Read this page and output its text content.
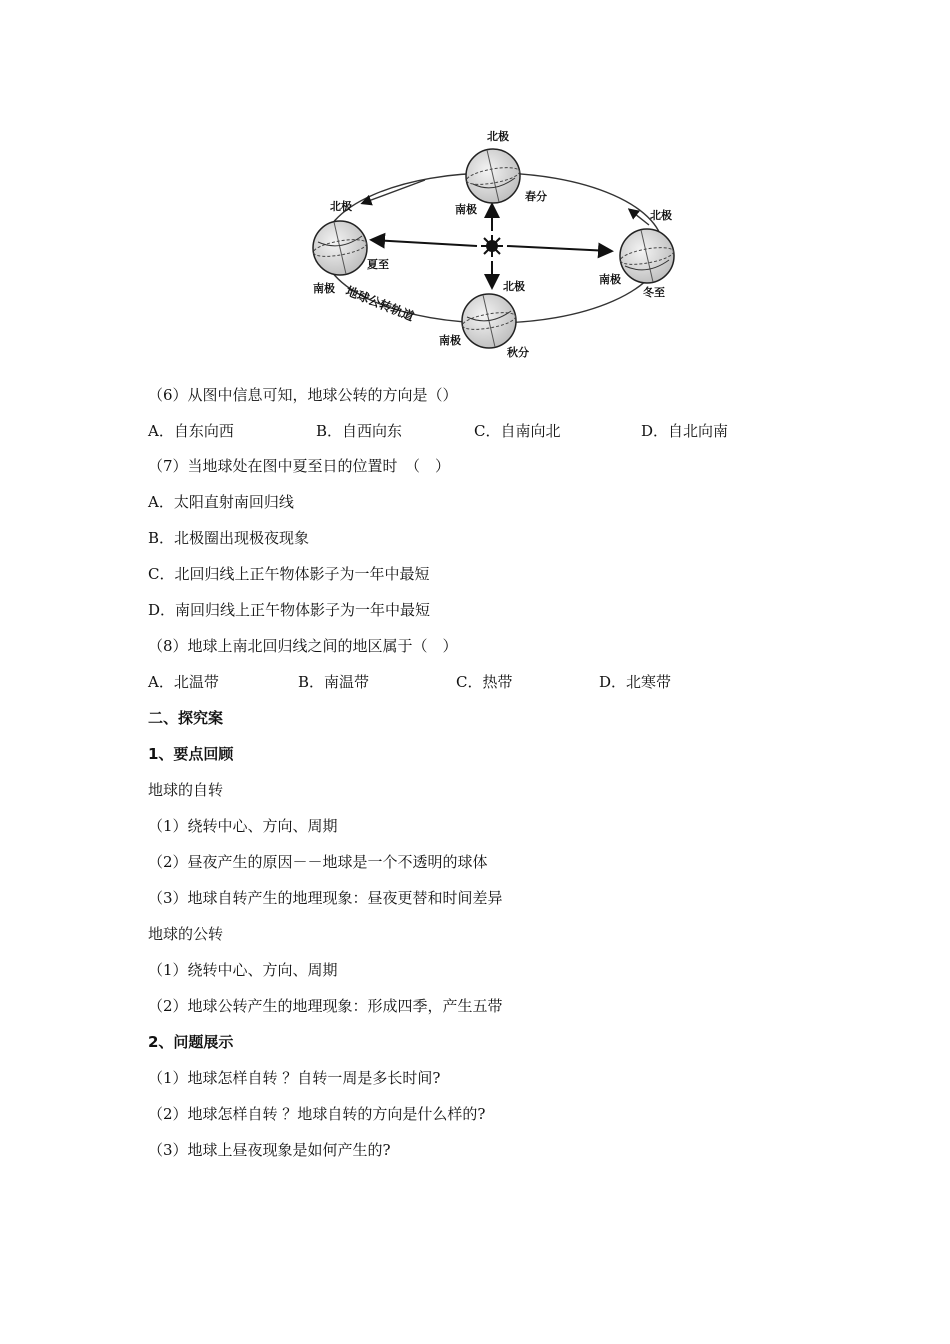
北极
南极
春分
北极
南极
夏至
北极
南极
冬至
北极
南极
秋分
地球公转轨道
（6）从图中信息可知，地球公转的方向是（）
A．自东向西	B．自西向东	C．自南向北	D．自北向南
（7）当地球处在图中夏至日的位置时　（　）
A．太阳直射南回归线
B．北极圈出现极夜现象
C．北回归线上正午物体影子为一年中最短
D．南回归线上正午物体影子为一年中最短
（8）地球上南北回归线之间的地区属于（　）
A．北温带	B．南温带	C．热带	D．北寒带
二、探究案
1、要点回顾
地球的自转
（1）绕转中心、方向、周期
（2）昼夜产生的原因－－地球是一个不透明的球体
（3）地球自转产生的地理现象：昼夜更替和时间差异
地球的公转
（1）绕转中心、方向、周期
（2）地球公转产生的地理现象：形成四季，产生五带
2、问题展示
（1）地球怎样自转 ？自转一周是多长时间?
（2）地球怎样自转 ？地球自转的方向是什么样的?
（3）地球上昼夜现象是如何产生的?
